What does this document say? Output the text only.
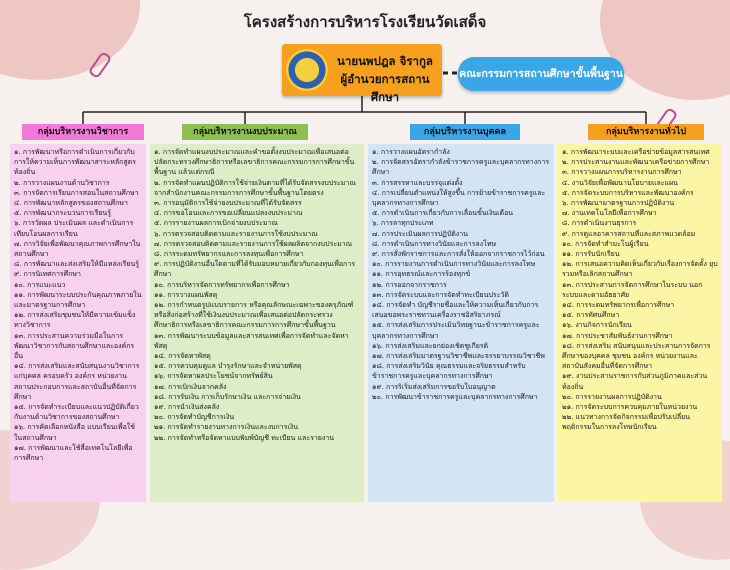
โครงสร้างการบริหารโรงเรียนวัดเสด็จ
นายนพปฎล จิรากูล
ผู้อำนวยการสถานศึกษา
คณะกรรมการสถานศึกษาขั้นพื้นฐาน
กลุ่มบริหารงานวิชาการ	กลุ่มบริหารงานงบประมาณ	กลุ่มบริหารงานบุคคล	กลุ่มบริหารงานทั่วไป
๑. การพัฒนาหรือการดำเนินการเกี่ยวกับการให้ความเห็นการพัฒนาสาระหลักสูตรท้องถิ่น
๒. การวางแผนงานด้านวิชาการ
๓. การจัดการเรียนการสอนในสถานศึกษา
๔. การพัฒนาหลักสูตรของสถานศึกษา
๕. การพัฒนากระบวนการเรียนรู้
๖. การวัดผล ประเมินผล และดำเนินการเทียบโอนผลการเรียน
๗. การวิจัยเพื่อพัฒนาคุณภาพการศึกษาในสถานศึกษา
๘. การพัฒนาและส่งเสริมให้มีแหล่งเรียนรู้
๙. การนิเทศการศึกษา
๑๐. การแนะแนว
๑๑. การพัฒนาระบบประกันคุณภาพภายในและมาตรฐานการศึกษา
๑๒. การส่งเสริมชุมชนให้มีความเข้มแข็งทางวิชาการ
๑๓. การประสานความร่วมมือในการพัฒนาวิชาการกับสถานศึกษาและองค์กรอื่น
๑๔. การส่งเสริมและสนับสนุนงานวิชาการแก่บุคคล ครอบครัว องค์กร หน่วยงาน สถานประกอบการและสถาบันอื่นที่จัดการศึกษา
๑๕. การจัดทำระเบียบและแนวปฏิบัติเกี่ยวกับงานด้านวิชาการของสถานศึกษา
๑๖. การคัดเลือกหนังสือ แบบเรียนเพื่อใช้ในสถานศึกษา
๑๗. การพัฒนาและใช้สื่อเทคโนโลยีเพื่อการศึกษา
๑. การจัดทำแผนงบประมาณและคำขอตั้งงบประมาณเพื่อเสนอต่อปลัดกระทรวงศึกษาธิการหรือเลขาธิการคณะกรรมการการศึกษาขั้นพื้นฐาน แล้วแต่กรณี
๒. การจัดทำแผนปฏิบัติการใช้จ่ายเงินตามที่ได้รับจัดสรรงบประมาณจากสำนักงานคณะกรรมการการศึกษาขั้นพื้นฐานโดยตรง
๓. การอนุมัติการใช้จ่ายงบประมาณที่ได้รับจัดสรร
๔. การขอโอนและการขอเปลี่ยนแปลงงบประมาณ
๕. การรายงานผลการเบิกจ่ายงบประมาณ
๖. การตรวจสอบติดตามและรายงานการใช้งบประมาณ
๗. การตรวจสอบติดตามและรายงานการใช้ผลผลิตจากงบประมาณ
๘. การระดมทรัพยากรและการลงทุนเพื่อการศึกษา
๙. การปฏิบัติงานอื่นใดตามที่ได้รับมอบหมายเกี่ยวกับกองทุนเพื่อการศึกษา
๑๐. การบริหารจัดการทรัพยากรเพื่อการศึกษา
๑๑. การวางแผนพัสดุ
๑๒. การกำหนดรูปแบบรายการ หรือคุณลักษณะเฉพาะของครุภัณฑ์ หรือสิ่งก่อสร้างที่ใช้เงินงบประมาณเพื่อเสนอต่อปลัดกระทรวงศึกษาธิการหรือเลขาธิการคณะกรรมการการศึกษาขั้นพื้นฐาน
๑๓. การพัฒนาระบบข้อมูลและสารสนเทศเพื่อการจัดทำและจัดหาพัสดุ
๑๔. การจัดหาพัสดุ
๑๕. การควบคุมดูแล บำรุงรักษาและจำหน่ายพัสดุ
๑๖. การจัดหาผลประโยชน์จากทรัพย์สิน
๑๗. การเบิกเงินจากคลัง
๑๘. การรับเงิน การเก็บรักษาเงิน และการจ่ายเงิน
๑๙. การนำเงินส่งคลัง
๒๐. การจัดทำบัญชีการเงิน
๒๑. การจัดทำรายงานทางการเงินและงบการเงิน
๒๒. การจัดทำหรือจัดหาแบบพิมพ์บัญชี ทะเบียน และรายงาน
๑. การวางแผนอัตรากำลัง
๒. การจัดสรรอัตรากำลังข้าราชการครูและบุคลากรทางการศึกษา
๓. การสรรหาและบรรจุแต่งตั้ง
๔. การเปลี่ยนตำแหน่งให้สูงขึ้น การย้ายข้าราชการครูและบุคลากรทางการศึกษา
๕. การดำเนินการเกี่ยวกับการเลื่อนขั้นเงินเดือน
๖. การลาทุกประเภท
๗. การประเมินผลการปฏิบัติงาน
๘. การดำเนินการทางวินัยและการลงโทษ
๙. การสั่งพักราชการและการสั่งให้ออกจากราชการไว้ก่อน
๑๐. การรายงานการดำเนินการทางวินัยและการลงโทษ
๑๑. การอุทธรณ์และการร้องทุกข์
๑๒. การออกจากราชการ
๑๓. การจัดระบบและการจัดทำทะเบียนประวัติ
๑๔. การจัดทำ บัญชีรายชื่อและให้ความเห็นเกี่ยวกับการเสนอขอพระราชทานเครื่องราชอิสริยาภรณ์
๑๕. การส่งเสริมการประเมินวิทยฐานะข้าราชการครูและบุคลากรทางการศึกษา
๑๖. การส่งเสริมและยกย่องเชิดชูเกียรติ
๑๗. การส่งเสริมมาตรฐานวิชาชีพและจรรยาบรรณวิชาชีพ
๑๘. การส่งเสริมวินัย คุณธรรมและจริยธรรมสำหรับข้าราชการครูและบุคลากรทางการศึกษา
๑๙. การริเริ่มส่งเสริมการขอรับใบอนุญาต
๒๐. การพัฒนาข้าราชการครูและบุคลากรทางการศึกษา
๑. การพัฒนาระบบและเครือข่ายข้อมูลสารสนเทศ
๒. การประสานงานและพัฒนาเครือข่ายการศึกษา
๓. การวางแผนการบริหารงานการศึกษา
๔. งานวิจัยเพื่อพัฒนานโยบายและแผน
๕. การจัดระบบการบริหารและพัฒนาองค์กร
๖. การพัฒนามาตรฐานการปฏิบัติงาน
๗. งานเทคโนโลยีเพื่อการศึกษา
๘. การดำเนินงานธุรการ
๙. การดูแลอาคารสถานที่และสภาพแวดล้อม
๑๐. การจัดทำสำมะโนผู้เรียน
๑๑. การรับนักเรียน
๑๒. การเสนอความคิดเห็นเกี่ยวกับเรื่องการจัดตั้ง ยุบ รวมหรือเลิกสถานศึกษา
๑๓. การประสานการจัดการศึกษาในระบบ นอกระบบและตามอัธยาศัย
๑๔. การระดมทรัพยากรเพื่อการศึกษา
๑๕. การทัศนศึกษา
๑๖. งานกิจการนักเรียน
๑๗. การประชาสัมพันธ์งานการศึกษา
๑๘. การส่งเสริม สนับสนุนและประสานการจัดการศึกษาของบุคคล ชุมชน องค์กร หน่วยงานและสถาบันสังคมอื่นที่จัดการศึกษา
๑๙. งานประสานราชการกับส่วนภูมิภาคและส่วนท้องถิ่น
๒๐. การรายงานผลการปฏิบัติงาน
๒๑. การจัดระบบการควบคุมภายในหน่วยงาน
๒๒. แนวทางการจัดกิจกรรมเพื่อปรับเปลี่ยนพฤติกรรมในการลงโทษนักเรียน
